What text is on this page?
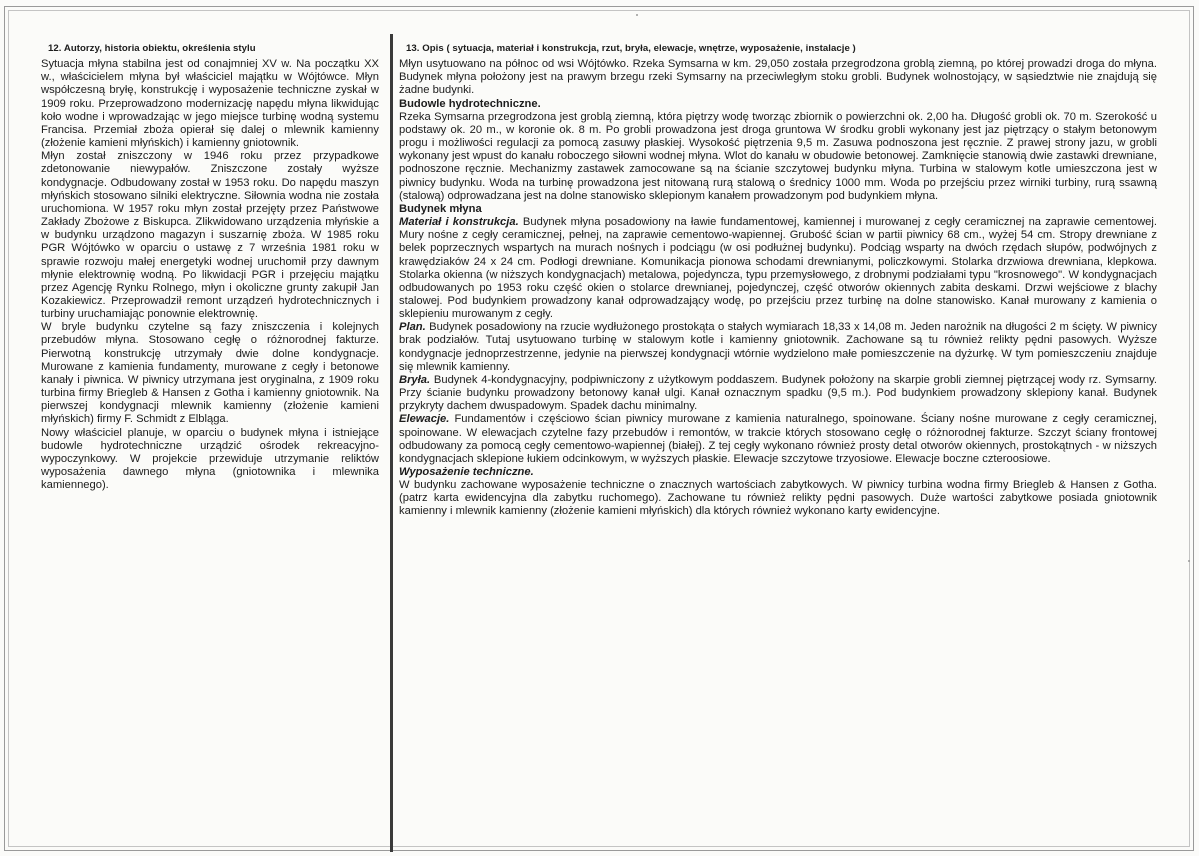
12. Autorzy, historia obiektu, określenia stylu

Sytuacja młyna stabilna jest od conajmniej XV w. Na początku XX w., właścicielem młyna był właściciel majątku w Wójtówce. Młyn współczesną bryłę, konstrukcję i wyposażenie techniczne zyskał w 1909 roku. Przeprowadzono modernizację napędu młyna likwidując koło wodne i wprowadzając w jego miejsce turbinę wodną systemu Francisa. Przemiał zboża opierał się dalej o mlewnik kamienny (złożenie kamieni młyńskich) i kamienny gniotownik.

Młyn został zniszczony w 1946 roku przez przypadkowe zdetonowanie niewypałów. Zniszczone zostały wyższe kondygnacje. Odbudowany został w 1953 roku. Do napędu maszyn młyńskich stosowano silniki elektryczne. Siłownia wodna nie została uruchomiona. W 1957 roku młyn został przejęty przez Państwowe Zakłady Zbożowe z Biskupca. Zlikwidowano urządzenia młyńskie a w budynku urządzono magazyn i suszarnię zboża. W 1985 roku PGR Wójtówko w oparciu o ustawę z 7 września 1981 roku w sprawie rozwoju małej energetyki wodnej uruchomił przy dawnym młynie elektrownię wodną. Po likwidacji PGR i przejęciu majątku przez Agencję Rynku Rolnego, młyn i okoliczne grunty zakupił Jan Kozakiewicz. Przeprowadził remont urządzeń hydrotechnicznych i turbiny uruchamiając ponownie elektrownię.

W bryle budynku czytelne są fazy zniszczenia i kolejnych przebudów młyna. Stosowano cegłę o różnorodnej fakturze. Pierwotną konstrukcję utrzymały dwie dolne kondygnacje. Murowane z kamienia fundamenty, murowane z cegły i betonowe kanały i piwnica. W piwnicy utrzymana jest oryginalna, z 1909 roku turbina firmy Briegleb & Hansen z Gotha i kamienny gniotownik. Na pierwszej kondygnacji mlewnik kamienny (złożenie kamieni młyńskich) firmy F. Schmidt z Elbląga.

Nowy właściciel planuje, w oparciu o budynek młyna i istniejące budowle hydrotechniczne urządzić ośrodek rekreacyjno-wypoczynkowy. W projekcie przewiduje utrzymanie reliktów wyposażenia dawnego młyna (gniotownika i mlewnika kamiennego).

13. Opis ( sytuacja, materiał i konstrukcja, rzut, bryła, elewacje, wnętrze, wyposażenie, instalacje )

Młyn usytuowano na północ od wsi Wójtówko. Rzeka Symsarna w km. 29,050 została przegrodzona groblą ziemną, po której prowadzi droga do młyna. Budynek młyna położony jest na prawym brzegu rzeki Symsarny na przeciwległym stoku grobli. Budynek wolnostojący, w sąsiedztwie nie znajdują się żadne budynki.

Budowle hydrotechniczne.

Rzeka Symsarna przegrodzona jest groblą ziemną, która piętrzy wodę tworząc zbiornik o powierzchni ok. 2,00 ha. Długość grobli ok. 70 m. Szerokość u podstawy ok. 20 m., w koronie ok. 8 m. Po grobli prowadzona jest droga gruntowa W środku grobli wykonany jest jaz piętrzący o stałym betonowym progu i możliwości regulacji za pomocą zasuwy płaskiej. Wysokość piętrzenia 9,5 m. Zasuwa podnoszona jest ręcznie. Z prawej strony jazu, w grobli wykonany jest wpust do kanału roboczego siłowni wodnej młyna. Wlot do kanału w obudowie betonowej. Zamknięcie stanowią dwie zastawki drewniane, podnoszone ręcznie. Mechanizmy zastawek zamocowane są na ścianie szczytowej budynku młyna. Turbina w stalowym kotle umieszczona jest w piwnicy budynku. Woda na turbinę prowadzona jest nitowaną rurą stalową o średnicy 1000 mm. Woda po przejściu przez wirniki turbiny, rurą ssawną (stalową) odprowadzana jest na dolne stanowisko sklepionym kanałem prowadzonym pod budynkiem młyna.

Budynek młyna

Materiał i konstrukcja. Budynek młyna posadowiony na ławie fundamentowej, kamiennej i murowanej z cegły ceramicznej na zaprawie cementowej. Mury nośne z cegły ceramicznej, pełnej, na zaprawie cementowo-wapiennej. Grubość ścian w partii piwnicy 68 cm., wyżej 54 cm. Stropy drewniane z belek poprzecznych wspartych na murach nośnych i podciągu (w osi podłużnej budynku). Podciąg wsparty na dwóch rzędach słupów, podwójnych z krawędziaków 24 x 24 cm. Podłogi drewniane. Komunikacja pionowa schodami drewnianymi, policzkowymi. Stolarka drzwiowa drewniana, klepkowa. Stolarka okienna (w niższych kondygnacjach) metalowa, pojedyncza, typu przemysłowego, z drobnymi podziałami typu "krosnowego". W kondygnacjach odbudowanych po 1953 roku część okien o stolarce drewnianej, pojedynczej, część otworów okiennych zabita deskami. Drzwi wejściowe z blachy stalowej. Pod budynkiem prowadzony kanał odprowadzający wodę, po przejściu przez turbinę na dolne stanowisko. Kanał murowany z kamienia o sklepieniu murowanym z cegły.

Plan. Budynek posadowiony na rzucie wydłużonego prostokąta o stałych wymiarach 18,33 x 14,08 m. Jeden narożnik na długości 2 m ścięty. W piwnicy brak podziałów. Tutaj usytuowano turbinę w stalowym kotle i kamienny gniotownik. Zachowane są tu również relikty pędni pasowych. Wyższe kondygnacje jednoprzestrzenne, jedynie na pierwszej kondygnacji wtórnie wydzielono małe pomieszczenie na dyżurkę. W tym pomieszczeniu znajduje się mlewnik kamienny.

Bryła. Budynek 4-kondygnacyjny, podpiwniczony z użytkowym poddaszem. Budynek położony na skarpie grobli ziemnej piętrzącej wody rz. Symsarny. Przy ścianie budynku prowadzony betonowy kanał ulgi. Kanał oznacznym spadku (9,5 m.). Pod budynkiem prowadzony sklepiony kanał. Budynek przykryty dachem dwuspadowym. Spadek dachu minimalny.

Elewacje. Fundamentów i częściowo ścian piwnicy murowane z kamienia naturalnego, spoinowane. Ściany nośne murowane z cegły ceramicznej, spoinowane. W elewacjach czytelne fazy przebudów i remontów, w trakcie których stosowano cegłę o różnorodnej fakturze. Szczyt ściany frontowej odbudowany za pomocą cegły cementowo-wapiennej (białej). Z tej cegły wykonano również prosty detal otworów okiennych, prostokątnych - w niższych kondygnacjach sklepione łukiem odcinkowym, w wyższych płaskie. Elewacje szczytowe trzyosiowe. Elewacje boczne czteroosiowe.

Wyposażenie techniczne.

W budynku zachowane wyposażenie techniczne o znacznych wartościach zabytkowych. W piwnicy turbina wodna firmy Briegleb & Hansen z Gotha. (patrz karta ewidencyjna dla zabytku ruchomego). Zachowane tu również relikty pędni pasowych. Duże wartości zabytkowe posiada gniotownik kamienny i mlewnik kamienny (złożenie kamieni młyńskich) dla których również wykonano karty ewidencyjne.
